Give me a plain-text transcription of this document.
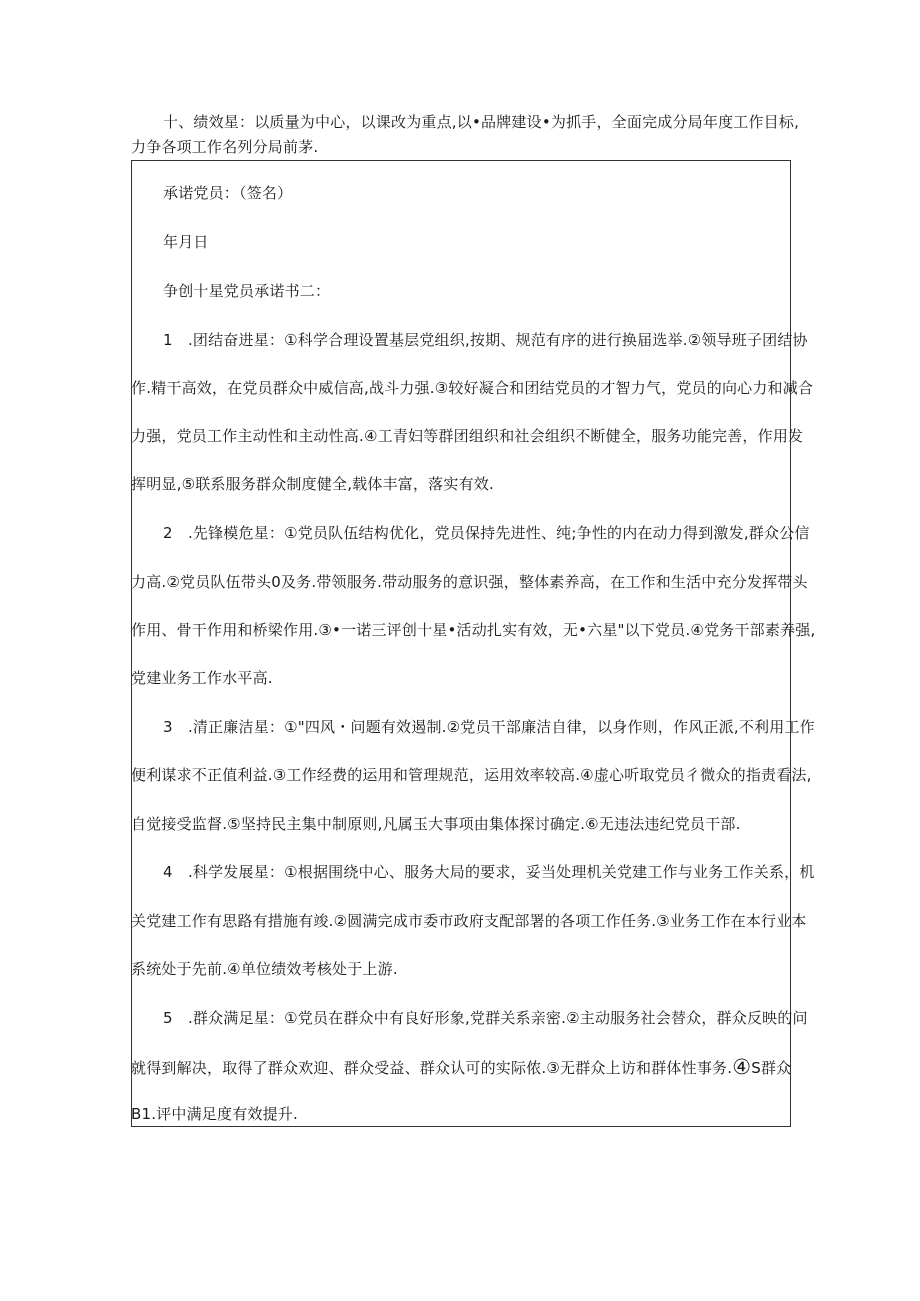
十、绩效星：以质量为中心，以课改为重点,以•品牌建设•为抓手，全面完成分局年度工作目标,
力争各项工作名列分局前茅.
承诺党员：（签名）
年月日
争创十星党员承诺书二：
1　.团结奋进星：①科学合理设置基层党组织,按期、规范有序的进行换届选举.②领导班子团结协
作.精干高效，在党员群众中威信高,战斗力强.③较好凝合和团结党员的才智力气，党员的向心力和减合
力强，党员工作主动性和主动性高.④工青妇等群团组织和社会组织不断健全，服务功能完善，作用发
挥明显,⑤联系服务群众制度健全,载体丰富，落实有效.
2　.先锋模危星：①党员队伍结构优化，党员保持先进性、纯;争性的内在动力得到激发,群众公信
力高.②党员队伍带头0及务.带领服务.带动服务的意识强，整体素养高，在工作和生活中充分发挥带头
作用、骨干作用和桥梁作用.③•一诺三评创十星•活动扎实有效，无•六星"以下党员.④党务干部素养强,
党建业务工作水平高.
3　.清正廉洁星：①"四风・问题有效遏制.②党员干部廉洁自律，以身作则，作风正派,不利用工作
便利谋求不正值利益.③工作经费的运用和管理规范，运用效率较高.④虚心听取党员彳微众的指责看法,
自觉接受监督.⑤坚持民主集中制原则,凡属玉大事项由集体探讨确定.⑥无违法违纪党员干部.
4　.科学发展星：①根据围绕中心、服务大局的要求，妥当处理机关党建工作与业务工作关系，机
关党建工作有思路有措施有竣.②圆满完成市委市政府支配部署的各项工作任务.③业务工作在本行业本
系统处于先前.④单位绩效考核处于上游.
5　.群众满足星：①党员在群众中有良好形象,党群关系亲密.②主动服务社会替众，群众反映的问
就得到解决，取得了群众欢迎、群众受益、群众认可的实际侬.③无群众上访和群体性事务.④S群众
B1.评中满足度有效提升.
